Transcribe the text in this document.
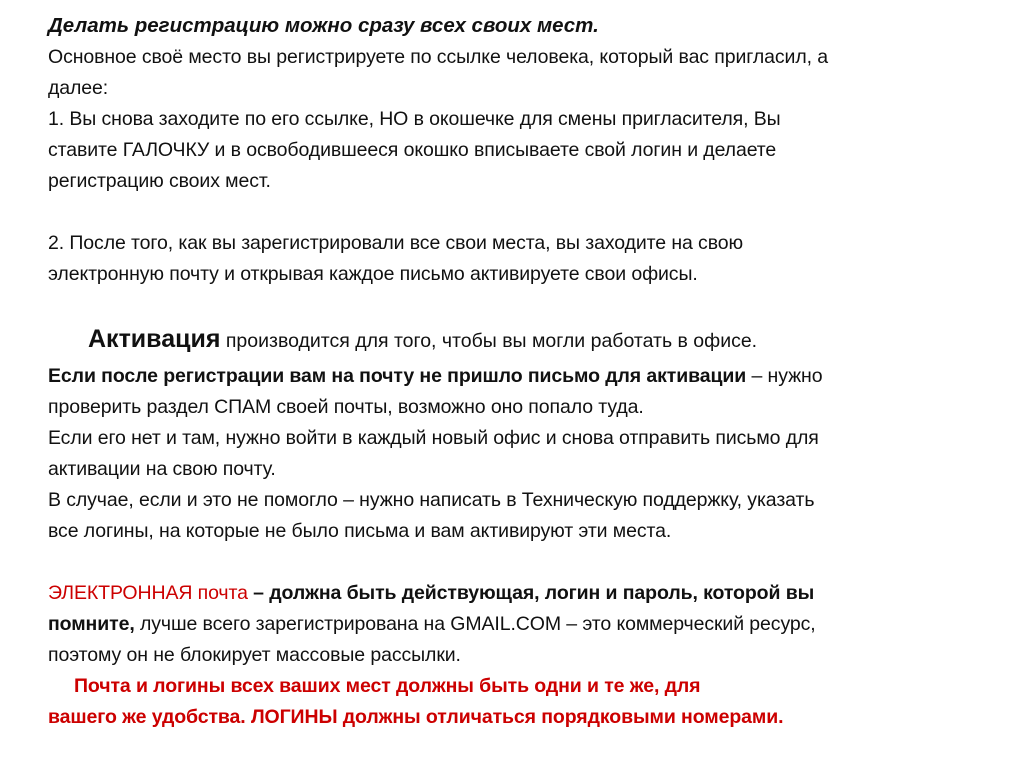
Делать регистрацию можно сразу всех своих мест.
Основное своё место вы регистрируете по ссылке человека, который вас пригласил, а
далее:
1. Вы снова заходите по его ссылке, НО в окошечке для смены пригласителя, Вы
ставите ГАЛОЧКУ и в освободившееся окошко вписываете свой логин и делаете
регистрацию своих мест.
2. После того, как вы зарегистрировали все свои места, вы заходите на свою
электронную почту и открывая каждое письмо активируете свои офисы.
Активация производится для того, чтобы вы могли работать в офисе.
Если после регистрации вам на почту не пришло письмо для активации – нужно
проверить раздел СПАМ своей почты, возможно оно попало туда.
Если его нет и там, нужно войти в каждый новый офис и снова отправить письмо для
активации на свою почту.
В случае, если и это не помогло – нужно написать в Техническую поддержку, указать
все логины, на которые не было письма и вам активируют эти места.
ЭЛЕКТРОННАЯ почта – должна быть действующая, логин и пароль, которой вы
помните, лучше всего зарегистрирована на GMAIL.COM – это коммерческий ресурс,
поэтому он не блокирует массовые рассылки.
Почта и логины всех ваших мест должны быть одни и те же, для
вашего же удобства. ЛОГИНЫ должны отличаться порядковыми номерами.
